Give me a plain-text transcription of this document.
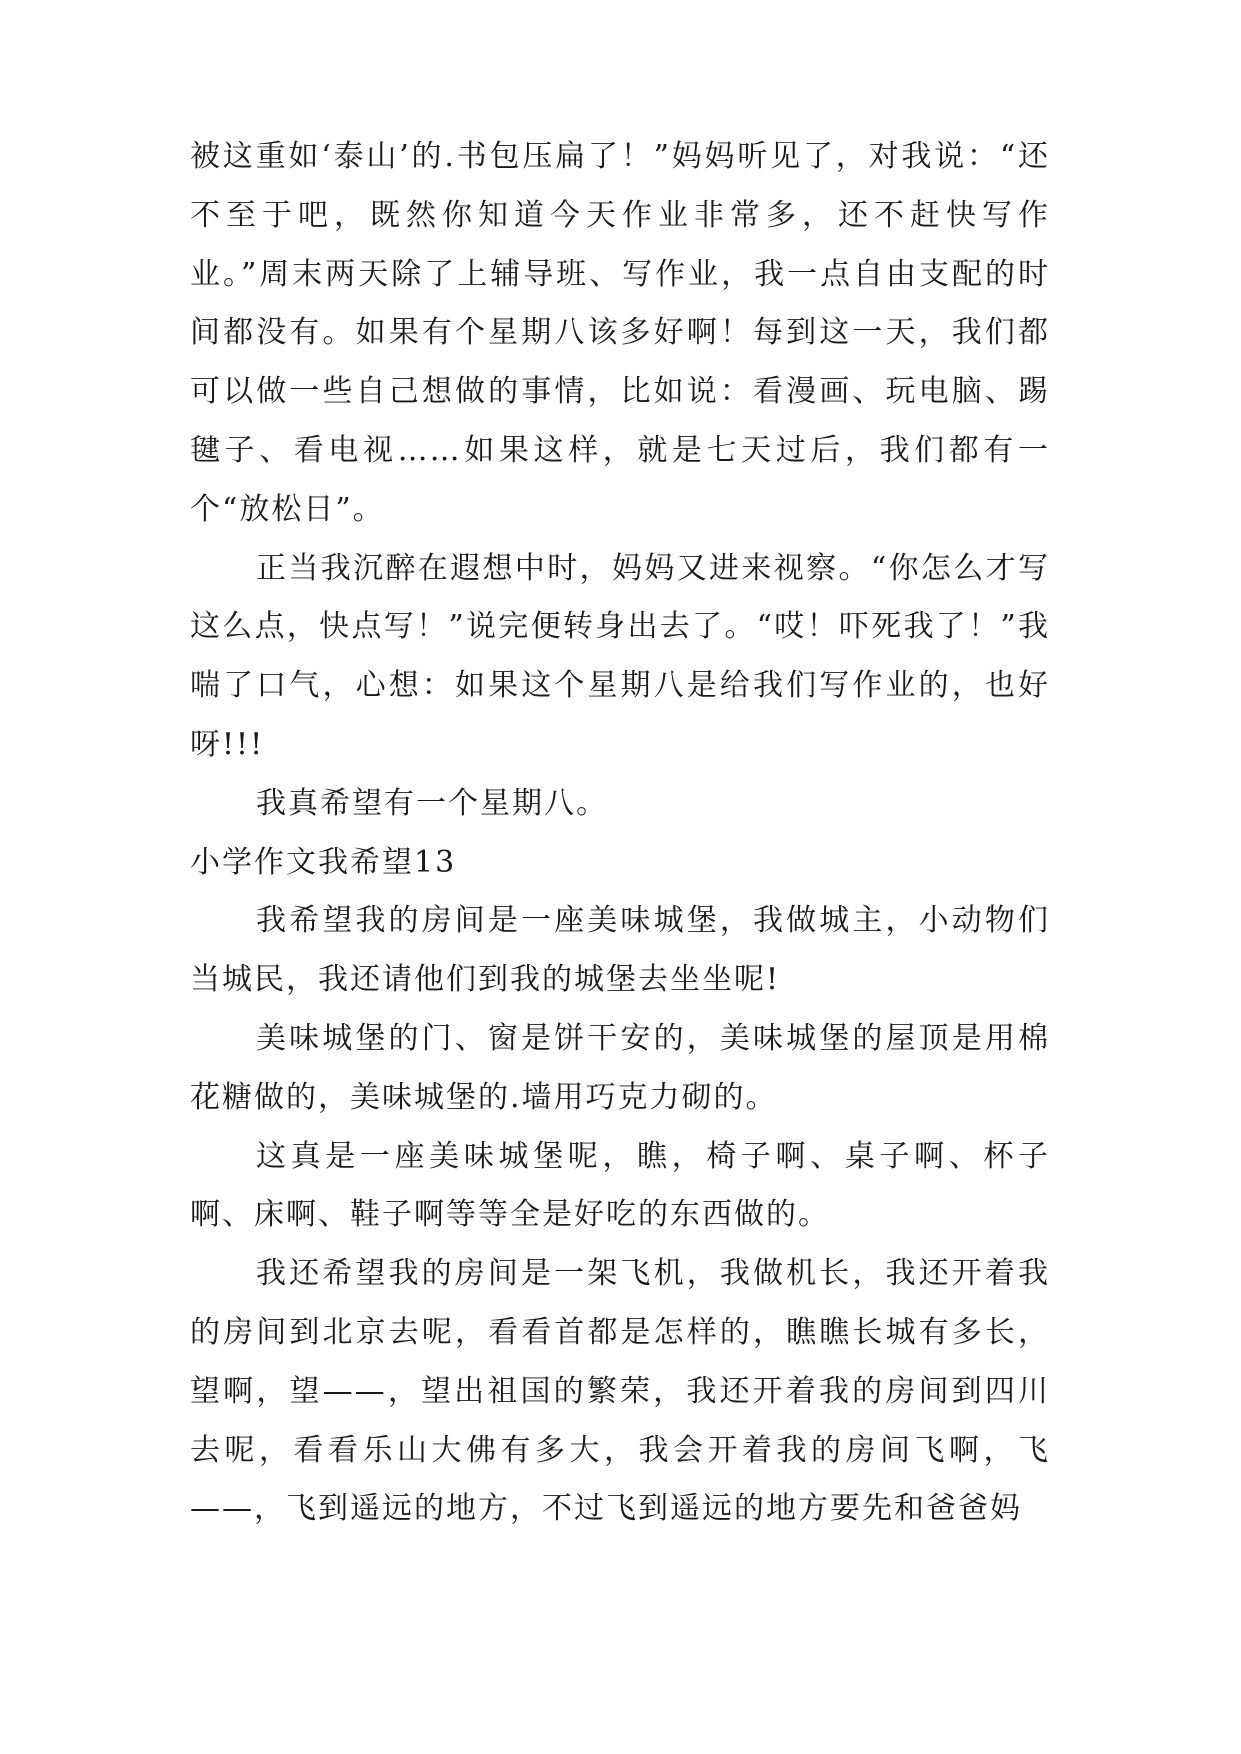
被这重如‘泰山’的.书包压扁了！”妈妈听见了，对我说：“还不至于吧，既然你知道今天作业非常多，还不赶快写作业。”周末两天除了上辅导班、写作业，我一点自由支配的时间都没有。如果有个星期八该多好啊！每到这一天，我们都可以做一些自己想做的事情，比如说：看漫画、玩电脑、踢毽子、看电视……如果这样，就是七天过后，我们都有一个“放松日”。

正当我沉醉在遐想中时，妈妈又进来视察。“你怎么才写这么点，快点写！”说完便转身出去了。“哎！吓死我了！”我喘了口气，心想：如果这个星期八是给我们写作业的，也好呀!!!

我真希望有一个星期八。

小学作文我希望13

我希望我的房间是一座美味城堡，我做城主，小动物们当城民，我还请他们到我的城堡去坐坐呢!

美味城堡的门、窗是饼干安的，美味城堡的屋顶是用棉花糖做的，美味城堡的.墙用巧克力砌的。

这真是一座美味城堡呢，瞧，椅子啊、桌子啊、杯子啊、床啊、鞋子啊等等全是好吃的东西做的。

我还希望我的房间是一架飞机，我做机长，我还开着我的房间到北京去呢，看看首都是怎样的，瞧瞧长城有多长，望啊，望——，望出祖国的繁荣，我还开着我的房间到四川去呢，看看乐山大佛有多大，我会开着我的房间飞啊，飞——，飞到遥远的地方，不过飞到遥远的地方要先和爸爸妈
